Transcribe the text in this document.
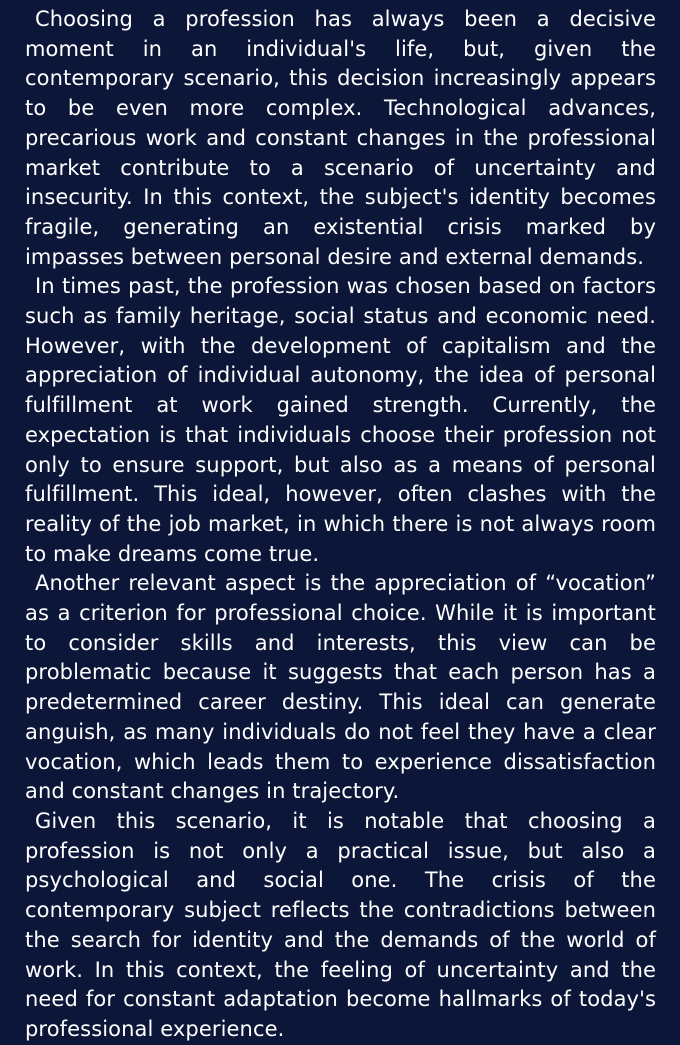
Choosing a profession has always been a decisive moment in an individual's life, but, given the contemporary scenario, this decision increasingly appears to be even more complex. Technological advances, precarious work and constant changes in the professional market contribute to a scenario of uncertainty and insecurity. In this context, the subject's identity becomes fragile, generating an existential crisis marked by impasses between personal desire and external demands.

In times past, the profession was chosen based on factors such as family heritage, social status and economic need. However, with the development of capitalism and the appreciation of individual autonomy, the idea of personal fulfillment at work gained strength. Currently, the expectation is that individuals choose their profession not only to ensure support, but also as a means of personal fulfillment. This ideal, however, often clashes with the reality of the job market, in which there is not always room to make dreams come true.

Another relevant aspect is the appreciation of “vocation” as a criterion for professional choice. While it is important to consider skills and interests, this view can be problematic because it suggests that each person has a predetermined career destiny. This ideal can generate anguish, as many individuals do not feel they have a clear vocation, which leads them to experience dissatisfaction and constant changes in trajectory.

Given this scenario, it is notable that choosing a profession is not only a practical issue, but also a psychological and social one. The crisis of the contemporary subject reflects the contradictions between the search for identity and the demands of the world of work. In this context, the feeling of uncertainty and the need for constant adaptation become hallmarks of today's professional experience.
